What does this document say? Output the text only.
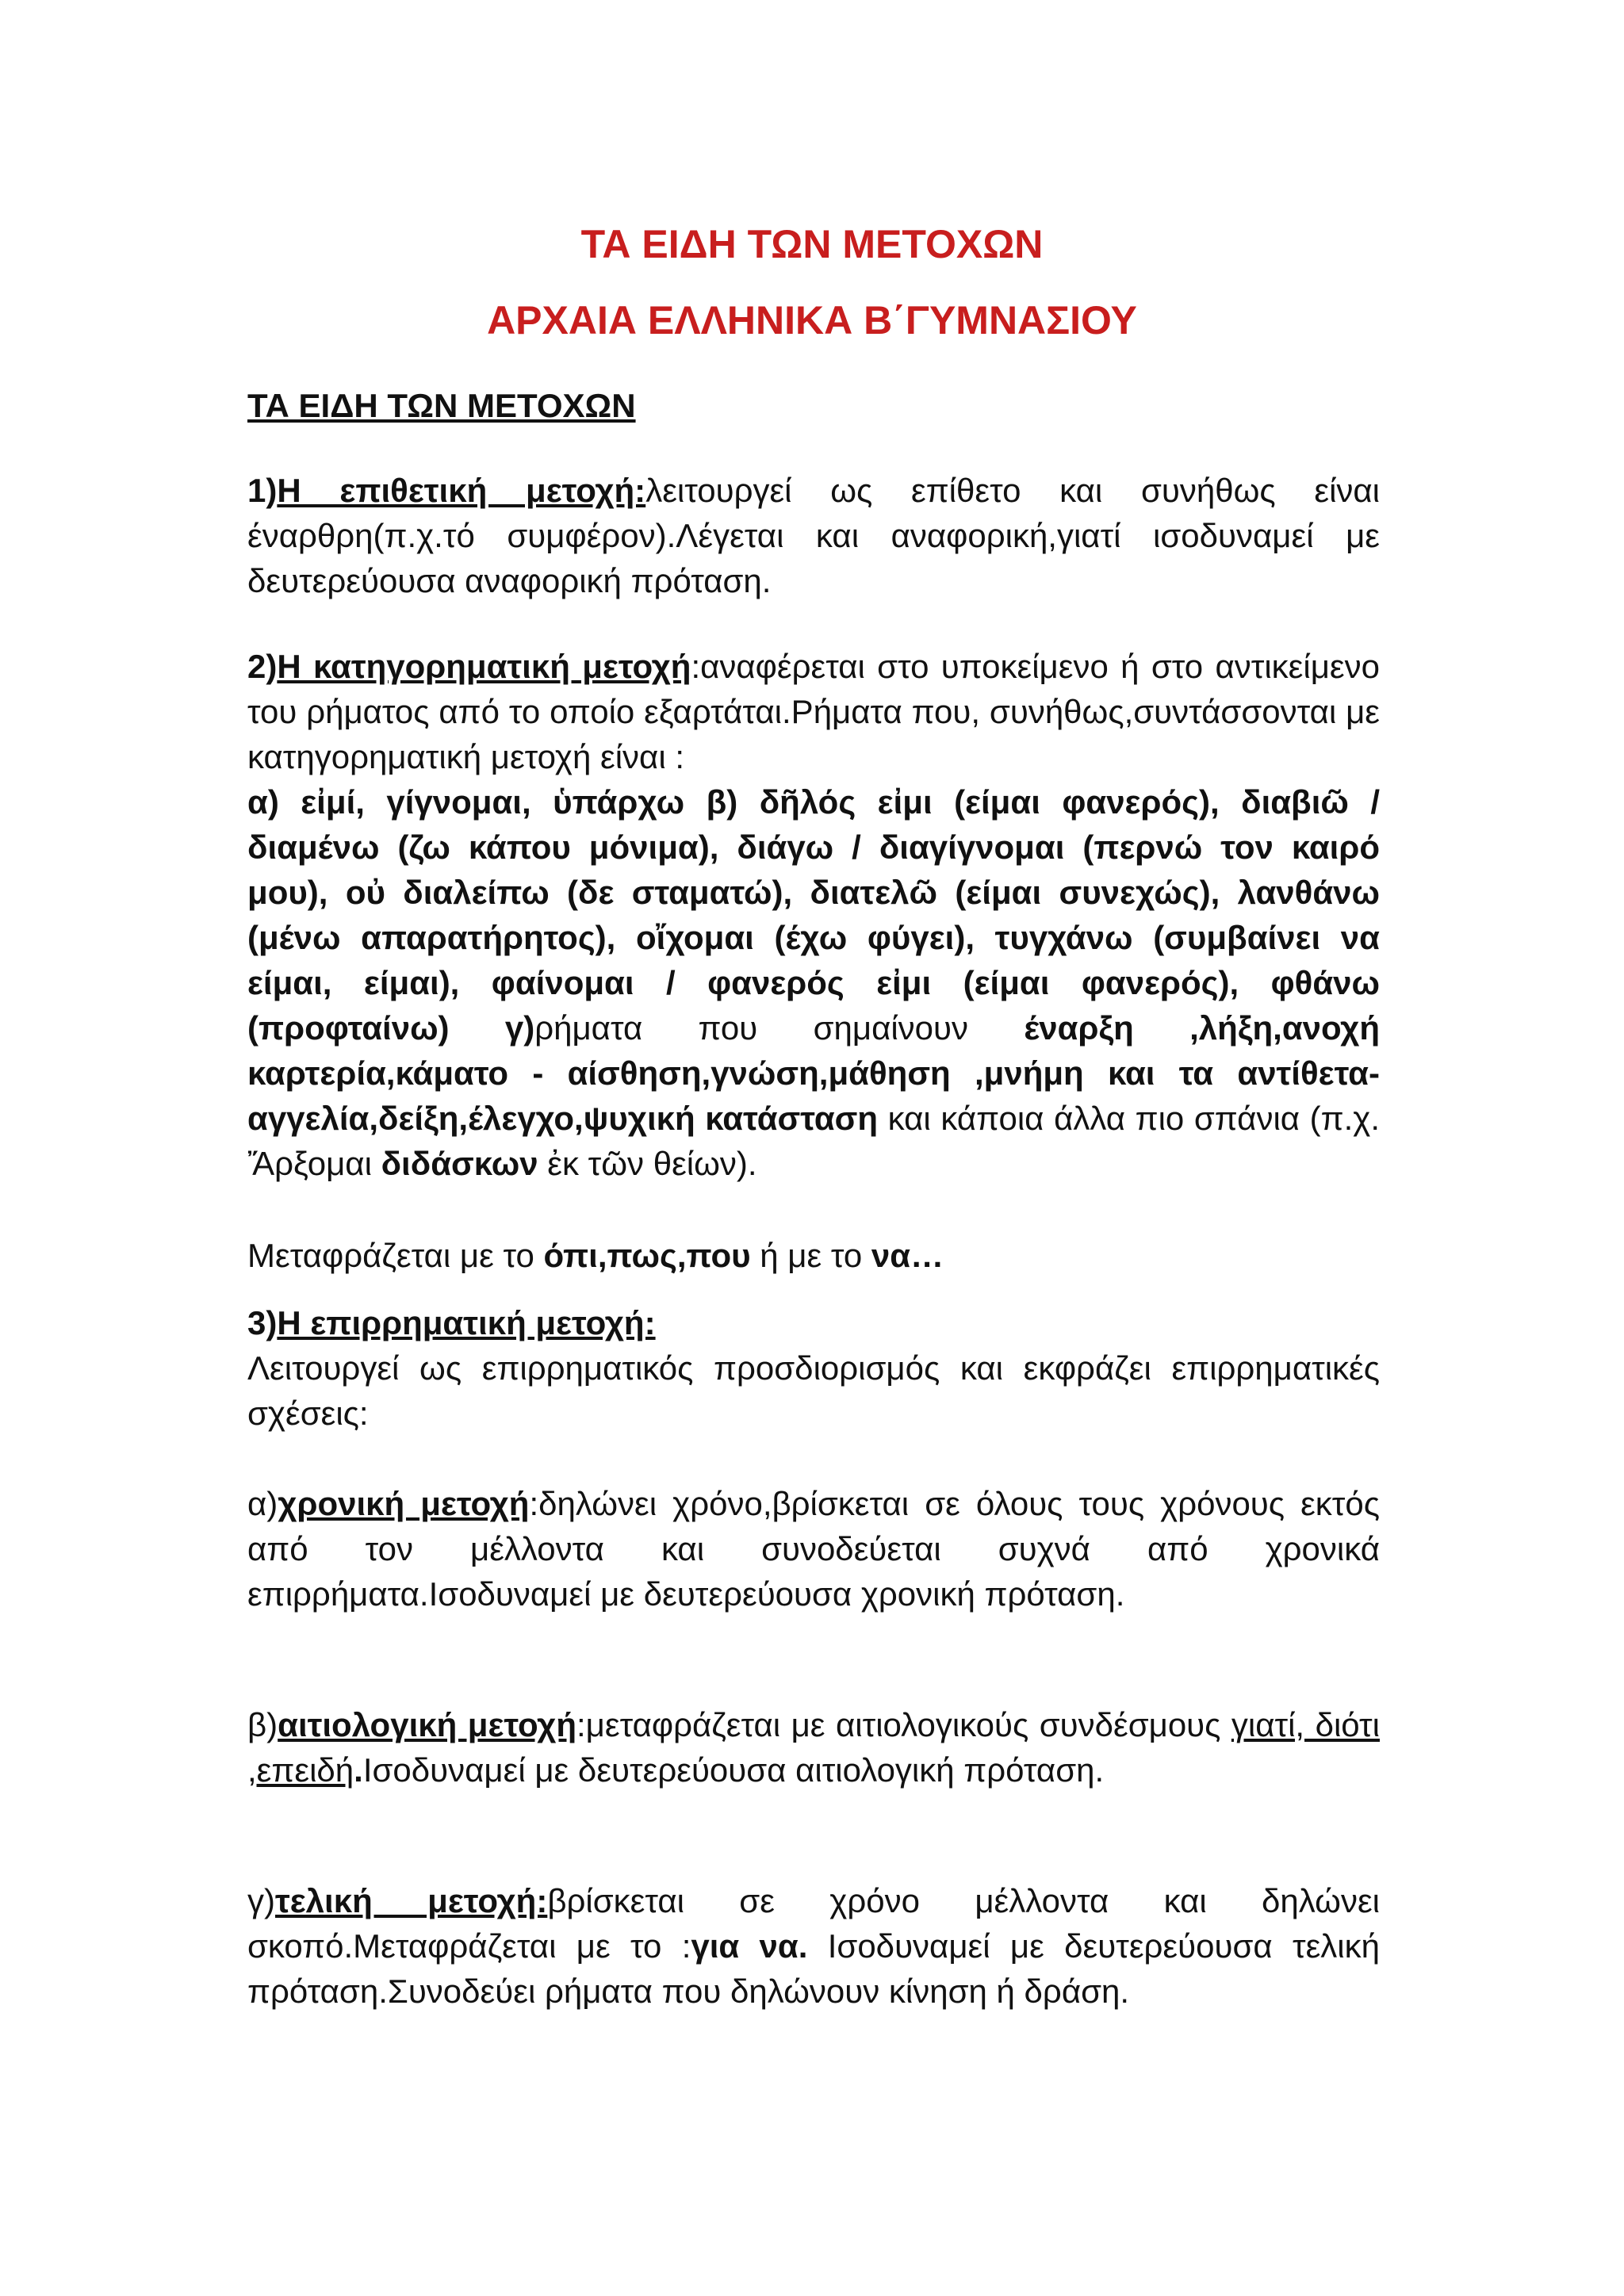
ΤΑ ΕΙΔΗ ΤΩΝ ΜΕΤΟΧΩΝ
ΑΡΧΑΙΑ ΕΛΛΗΝΙΚΑ Β΄ΓΥΜΝΑΣΙΟΥ
ΤΑ ΕΙΔΗ ΤΩΝ ΜΕΤΟΧΩΝ

1)Η επιθετική μετοχή:λειτουργεί ως επίθετο και συνήθως είναι έναρθρη(π.χ.τό συμφέρον).Λέγεται και αναφορική,γιατί ισοδυναμεί με δευτερεύουσα αναφορική πρόταση.

2)Η κατηγορηματική μετοχή:αναφέρεται στο υποκείμενο ή στο αντικείμενο του ρήματος από το οποίο εξαρτάται.Ρήματα που, συνήθως,συντάσσονται με κατηγορηματική μετοχή είναι :

α) εἰμί, γίγνομαι, ὑπάρχω β) δῆλός εἰμι (είμαι φανερός), διαβιῶ / διαμένω (ζω κάπου μόνιμα), διάγω / διαγίγνομαι (περνώ τον καιρό μου), οὐ διαλείπω (δε σταματώ), διατελῶ (είμαι συνεχώς), λανθάνω (μένω απαρατήρητος), οἴχομαι (έχω φύγει), τυγχάνω (συμβαίνει να είμαι, είμαι), φαίνομαι / φανερός εἰμι (είμαι φανερός), φθάνω (προφταίνω) γ)ρήματα που σημαίνουν έναρξη ,λήξη,ανοχή καρτερία,κάματο - αίσθηση,γνώση,μάθηση ,μνήμη και τα αντίθετα-αγγελία,δείξη,έλεγχο,ψυχική κατάσταση και κάποια άλλα πιο σπάνια (π.χ. Ἄρξομαι διδάσκων ἐκ τῶν θείων).

Μεταφράζεται με το όπι,πως,που ή με το να…

3)Η επιρρηματική μετοχή:

Λειτουργεί ως επιρρηματικός προσδιορισμός και εκφράζει επιρρηματικές σχέσεις:

α)χρονική μετοχή:δηλώνει χρόνο,βρίσκεται σε όλους τους χρόνους εκτός από τον μέλλοντα και συνοδεύεται συχνά από χρονικά επιρρήματα.Ισοδυναμεί με δευτερεύουσα χρονική πρόταση.

β)αιτιολογική μετοχή:μεταφράζεται με αιτιολογικούς συνδέσμους γιατί, διότι ,επειδή.Ισοδυναμεί με δευτερεύουσα αιτιολογική πρόταση.

γ)τελική μετοχή:βρίσκεται σε χρόνο μέλλοντα και δηλώνει σκοπό.Μεταφράζεται με το :για να. Ισοδυναμεί με δευτερεύουσα τελική πρόταση.Συνοδεύει ρήματα που δηλώνουν κίνηση ή δράση.
